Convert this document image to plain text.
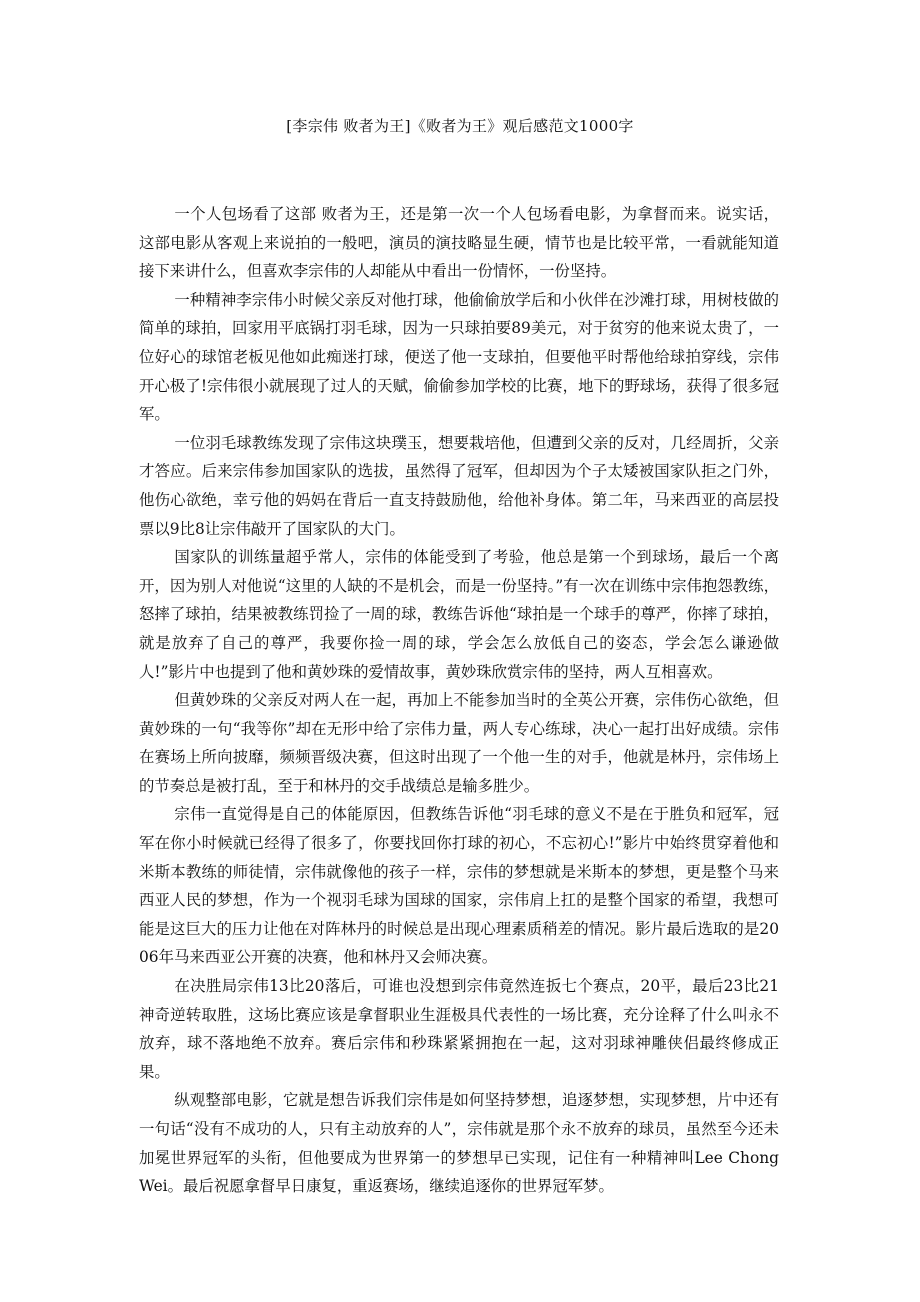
[李宗伟 败者为王]《败者为王》观后感范文1000字

一个人包场看了这部 败者为王，还是第一次一个人包场看电影，为拿督而来。说实话，这部电影从客观上来说拍的一般吧，演员的演技略显生硬，情节也是比较平常，一看就能知道接下来讲什么，但喜欢李宗伟的人却能从中看出一份情怀，一份坚持。

一种精神李宗伟小时候父亲反对他打球，他偷偷放学后和小伙伴在沙滩打球，用树枝做的简单的球拍，回家用平底锅打羽毛球，因为一只球拍要89美元，对于贫穷的他来说太贵了，一位好心的球馆老板见他如此痴迷打球，便送了他一支球拍，但要他平时帮他给球拍穿线，宗伟开心极了!宗伟很小就展现了过人的天赋，偷偷参加学校的比赛，地下的野球场，获得了很多冠军。

一位羽毛球教练发现了宗伟这块璞玉，想要栽培他，但遭到父亲的反对，几经周折，父亲才答应。后来宗伟参加国家队的选拔，虽然得了冠军，但却因为个子太矮被国家队拒之门外，他伤心欲绝，幸亏他的妈妈在背后一直支持鼓励他，给他补身体。第二年，马来西亚的高层投票以9比8让宗伟敲开了国家队的大门。

国家队的训练量超乎常人，宗伟的体能受到了考验，他总是第一个到球场，最后一个离开，因为别人对他说“这里的人缺的不是机会，而是一份坚持。”有一次在训练中宗伟抱怨教练，怒摔了球拍，结果被教练罚捡了一周的球，教练告诉他“球拍是一个球手的尊严，你摔了球拍，就是放弃了自己的尊严，我要你捡一周的球，学会怎么放低自己的姿态，学会怎么谦逊做人!”影片中也提到了他和黄妙珠的爱情故事，黄妙珠欣赏宗伟的坚持，两人互相喜欢。

但黄妙珠的父亲反对两人在一起，再加上不能参加当时的全英公开赛，宗伟伤心欲绝，但黄妙珠的一句“我等你”却在无形中给了宗伟力量，两人专心练球，决心一起打出好成绩。宗伟在赛场上所向披靡，频频晋级决赛，但这时出现了一个他一生的对手，他就是林丹，宗伟场上的节奏总是被打乱，至于和林丹的交手战绩总是输多胜少。

宗伟一直觉得是自己的体能原因，但教练告诉他“羽毛球的意义不是在于胜负和冠军，冠军在你小时候就已经得了很多了，你要找回你打球的初心，不忘初心!”影片中始终贯穿着他和米斯本教练的师徒情，宗伟就像他的孩子一样，宗伟的梦想就是米斯本的梦想，更是整个马来西亚人民的梦想，作为一个视羽毛球为国球的国家，宗伟肩上扛的是整个国家的希望，我想可能是这巨大的压力让他在对阵林丹的时候总是出现心理素质稍差的情况。影片最后选取的是2006年马来西亚公开赛的决赛，他和林丹又会师决赛。

在决胜局宗伟13比20落后，可谁也没想到宗伟竟然连扳七个赛点，20平，最后23比21神奇逆转取胜，这场比赛应该是拿督职业生涯极具代表性的一场比赛，充分诠释了什么叫永不放弃，球不落地绝不放弃。赛后宗伟和秒珠紧紧拥抱在一起，这对羽球神雕侠侣最终修成正果。

纵观整部电影，它就是想告诉我们宗伟是如何坚持梦想，追逐梦想，实现梦想，片中还有一句话“没有不成功的人，只有主动放弃的人”，宗伟就是那个永不放弃的球员，虽然至今还未加冕世界冠军的头衔，但他要成为世界第一的梦想早已实现，记住有一种精神叫Lee Chong Wei。最后祝愿拿督早日康复，重返赛场，继续追逐你的世界冠军梦。
